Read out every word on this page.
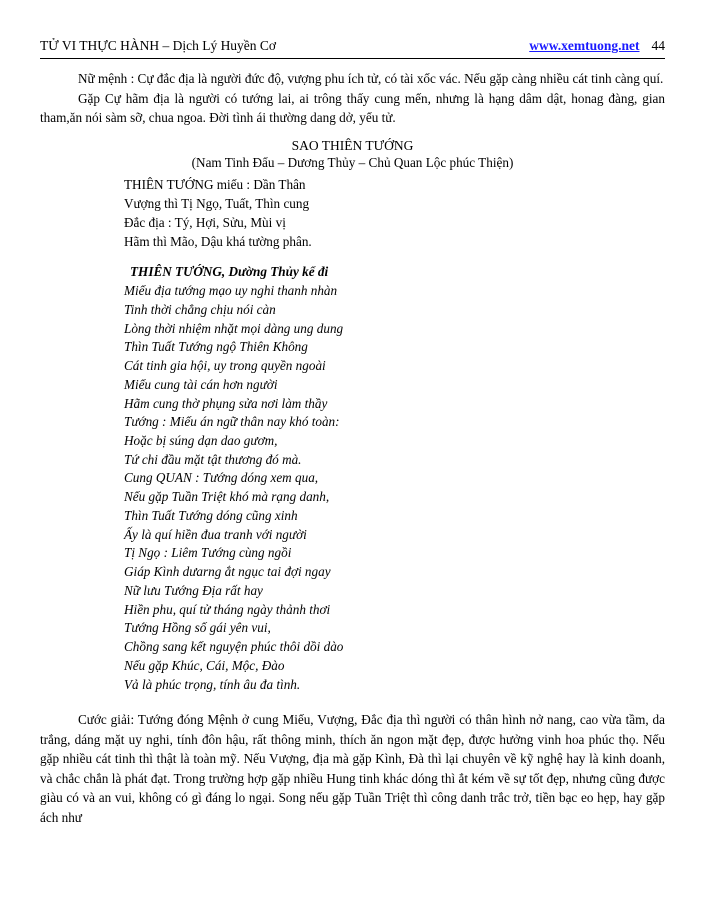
TỬ VI THỰC HÀNH – Dịch Lý Huyền Cơ	www.xemtuong.net 44

Nữ mệnh : Cự đắc địa là người đức độ, vượng phu ích tử, có tài xốc vác. Nếu gặp càng nhiều cát tinh càng quí.

Gặp Cự hãm địa là người có tướng lai, ai trông thấy cung mến, nhưng là hạng dâm dật, honag đàng, gian tham,ăn nói sàm sỡ, chua ngoa. Đời tình ái thường dang dở, yểu tử.

SAO THIÊN TƯỚNG
(Nam Tinh Đẩu – Dương Thủy – Chủ Quan Lộc phúc Thiện)
THIÊN TƯỚNG miếu : Dần Thân
Vượng thì Tị Ngọ, Tuất, Thìn cung
Đắc địa : Tý, Hợi, Sửu, Mùi vị
Hãm thì Mão, Dậu khá tường phân.
THIÊN TƯỚNG, Dường Thủy kể đi
Miếu địa tướng mạo uy nghi thanh nhàn
Tinh thời chẳng chịu nói càn
Lòng thời nhiệm nhặt mọi dàng ung dung
Thìn Tuất Tướng ngộ Thiên Không
Cát tinh gia hội, uy trong quyền ngoài
Miếu cung tài cán hơn người
Hãm cung thờ phụng sửa nơi làm thầy
Tướng : Miếu án ngữ thân nay khó toàn:
Hoặc bị súng dạn dao gươm,
Tứ chi đầu mặt tật thương đó mà.
Cung QUAN : Tướng dóng xem qua,
Nếu gặp Tuần Triệt khó mà rạng danh,
Thìn Tuất Tướng dóng cũng xinh
Ấy là quí hiền đua tranh với người
Tị Ngọ : Liêm Tướng cùng ngồi
Giáp Kình dưarng ắt ngục tai đợi ngay
Nữ lưu Tướng Địa rất hay
Hiền phu, quí tử tháng ngày thảnh thơi
Tướng Hồng số gái yên vui,
Chồng sang kết nguyện phúc thôi dồi dào
Nếu gặp Khúc, Cái, Mộc, Đào
Vả là phúc trọng, tính âu đa tình.

Cước giải: Tướng đóng Mệnh ở cung Miếu, Vượng, Đắc địa thì người có thân hình nở nang, cao vừa tầm, da trắng, dáng mặt uy nghi, tính đôn hậu, rất thông minh, thích ăn ngon mặt đẹp, được hưởng vinh hoa phúc thọ. Nếu gặp nhiều cát tinh thì thật là toàn mỹ. Nếu Vượng, địa mà gặp Kình, Đà thì lại chuyên về kỹ nghệ hay là kinh doanh, và chắc chắn là phát đạt. Trong trường hợp gặp nhiều Hung tinh khác dóng thì ắt kém về sự tốt đẹp, nhưng cũng được giàu có và an vui, không có gì đáng lo ngại. Song nếu gặp Tuần Triệt thì công danh trắc trở, tiền bạc eo hẹp, hay gặp ách như
